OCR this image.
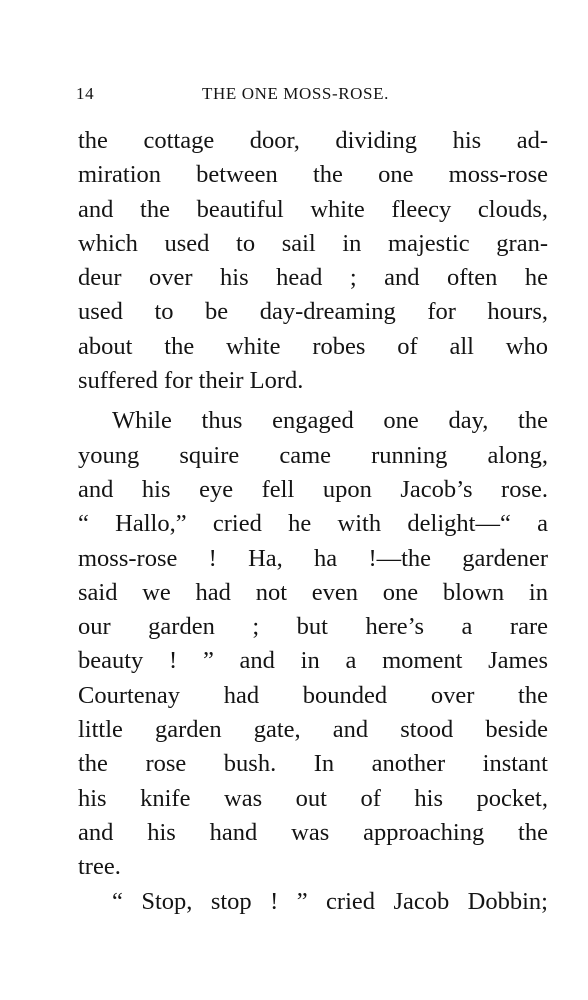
14	THE ONE MOSS-ROSE.
the cottage door, dividing his ad-
miration between the one moss-rose
and the beautiful white fleecy clouds,
which used to sail in majestic gran-
deur over his head ; and often he
used to be day-dreaming for hours,
about the white robes of all who
suffered for their Lord.
While thus engaged one day, the
young squire came running along,
and his eye fell upon Jacob’s rose.
“ Hallo,” cried he with delight—“ a
moss-rose ! Ha, ha !—the gardener
said we had not even one blown in
our garden ; but here’s a rare
beauty ! ” and in a moment James
Courtenay had bounded over the
little garden gate, and stood beside
the rose bush. In another instant
his knife was out of his pocket,
and his hand was approaching the
tree.
“ Stop, stop ! ” cried Jacob Dobbin;
